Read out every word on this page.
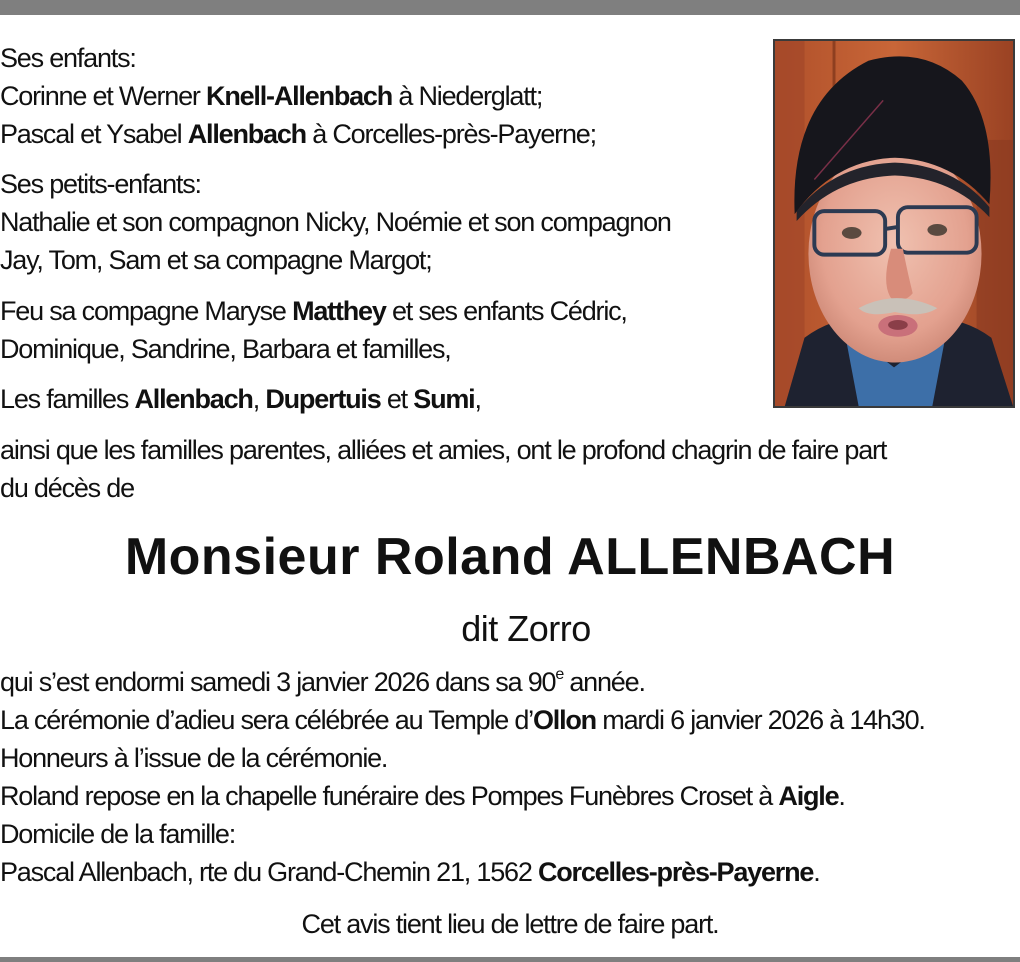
Ses enfants:
Corinne et Werner Knell-Allenbach à Niederglatt;
Pascal et Ysabel Allenbach à Corcelles-près-Payerne;
Ses petits-enfants:
Nathalie et son compagnon Nicky, Noémie et son compagnon
Jay, Tom, Sam et sa compagne Margot;
Feu sa compagne Maryse Matthey et ses enfants Cédric,
Dominique, Sandrine, Barbara et familles,
Les familles Allenbach, Dupertuis et Sumi,
ainsi que les familles parentes, alliées et amies, ont le profond chagrin de faire part
du décès de
Monsieur Roland ALLENBACH
dit Zorro
qui s’est endormi samedi 3 janvier 2026 dans sa 90e année.
La cérémonie d’adieu sera célébrée au Temple d’Ollon mardi 6 janvier 2026 à 14h30.
Honneurs à l’issue de la cérémonie.
Roland repose en la chapelle funéraire des Pompes Funèbres Croset à Aigle.
Domicile de la famille:
Pascal Allenbach, rte du Grand-Chemin 21, 1562 Corcelles-près-Payerne.
Cet avis tient lieu de lettre de faire part.
